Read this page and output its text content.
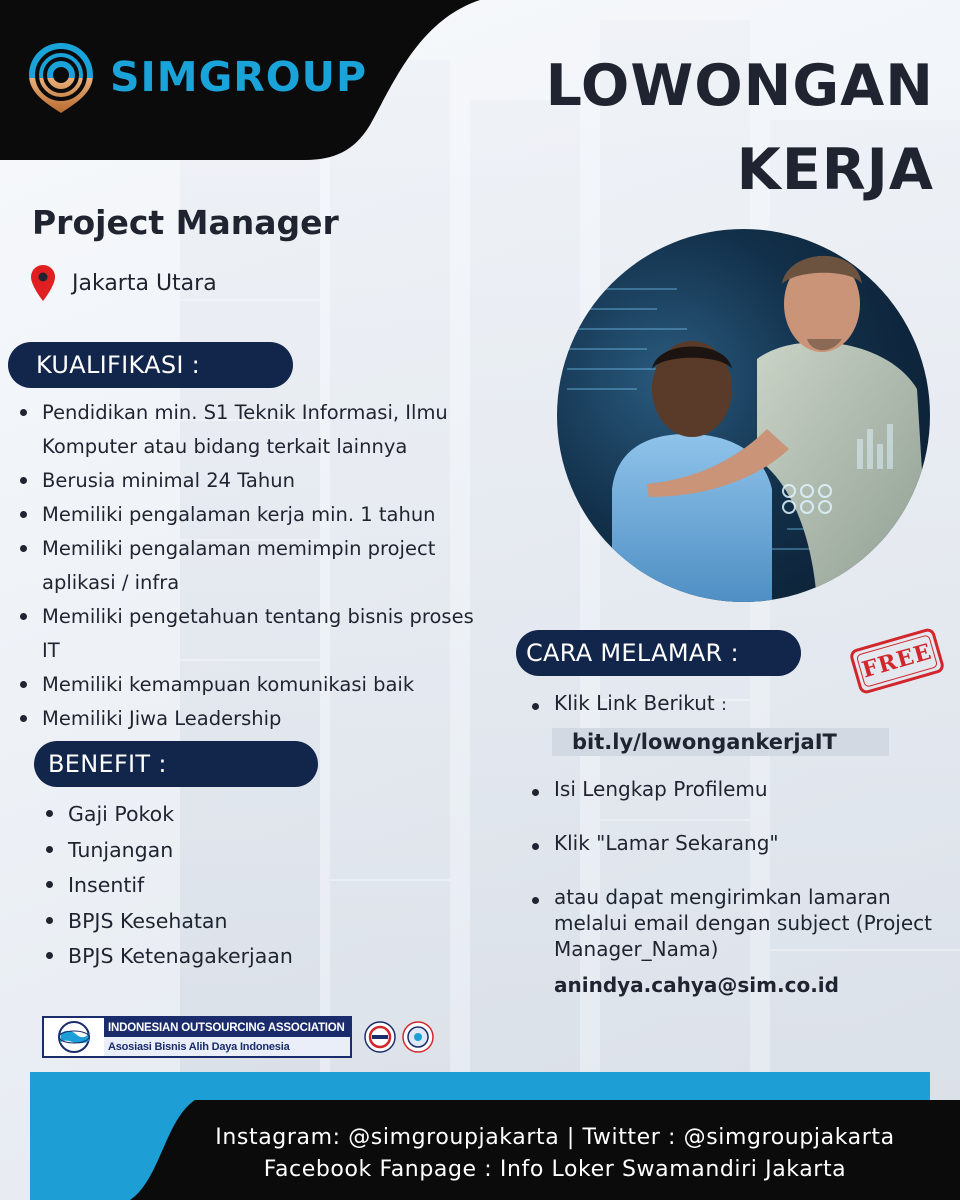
SIMGROUP	LOWONGAN
KERJA
Project Manager
Jakarta Utara
KUALIFIKASI :
Pendidikan min. S1 Teknik Informasi, Ilmu Komputer atau bidang terkait lainnya
Berusia minimal 24 Tahun
Memiliki pengalaman kerja min. 1 tahun
Memiliki pengalaman memimpin project aplikasi / infra
Memiliki pengetahuan tentang bisnis proses IT
Memiliki kemampuan komunikasi baik
Memiliki Jiwa Leadership
BENEFIT :
Gaji Pokok
Tunjangan
Insentif
BPJS Kesehatan
BPJS Ketenagakerjaan
CARA MELAMAR :	FREE
Klik Link Berikut :
bit.ly/lowongankerjaIT
Isi Lengkap Profilemu
Klik "Lamar Sekarang"
atau dapat mengirimkan lamaran melalui email dengan subject (Project Manager_Nama)
anindya.cahya@sim.co.id
INDONESIAN OUTSOURCING ASSOCIATION
Asosiasi Bisnis Alih Daya Indonesia
Instagram: @simgroupjakarta | Twitter : @simgroupjakarta
Facebook Fanpage : Info Loker Swamandiri Jakarta
